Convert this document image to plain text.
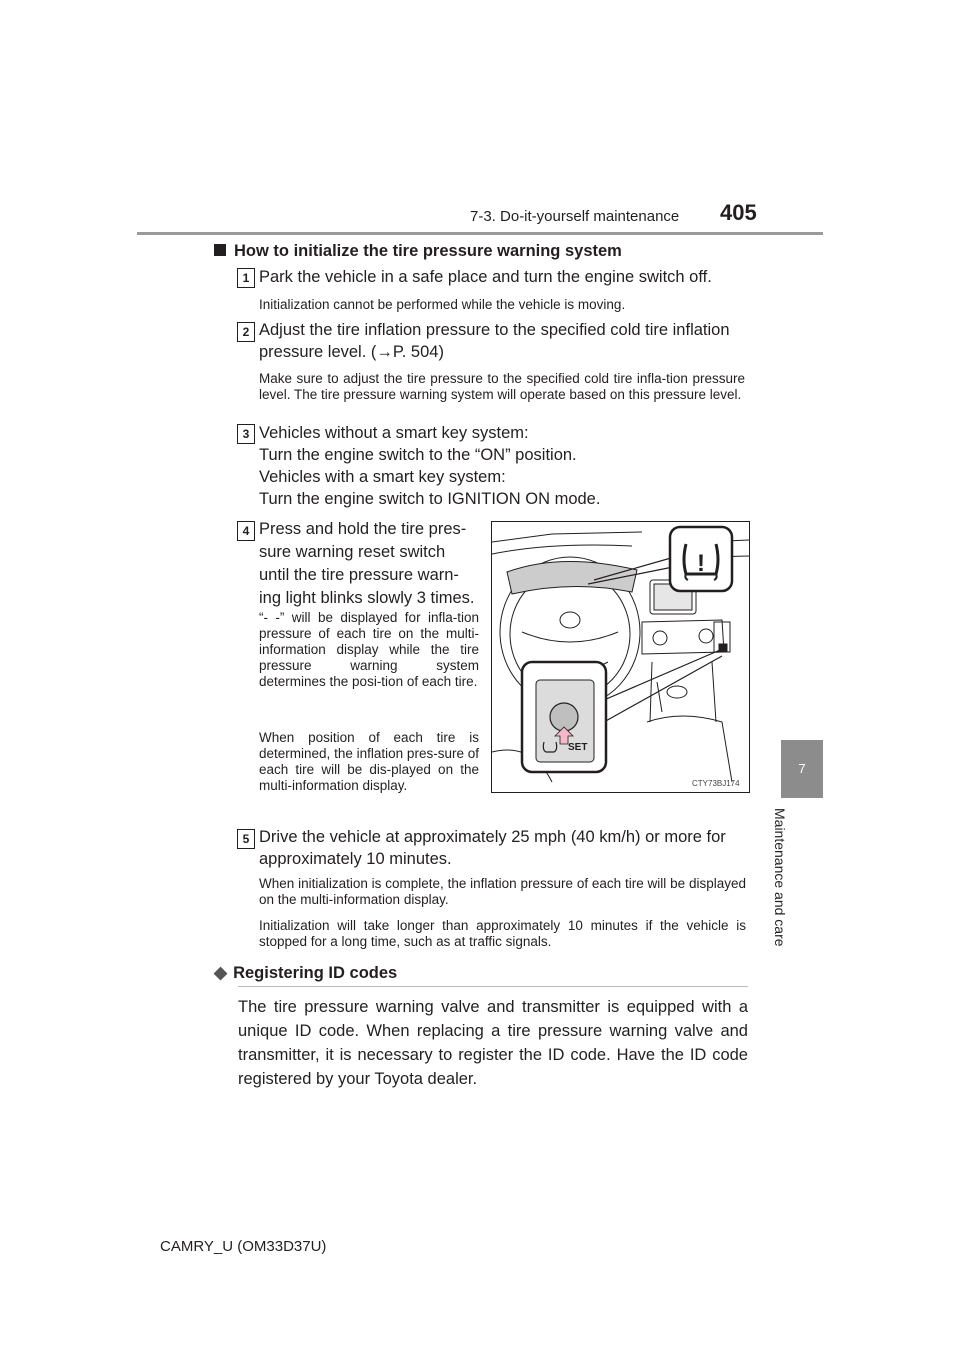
7-3. Do-it-yourself maintenance 405
7
Maintenance and care
How to initialize the tire pressure warning system
1 Park the vehicle in a safe place and turn the engine switch off.
Initialization cannot be performed while the vehicle is moving.
2 Adjust the tire inflation pressure to the specified cold tire inflation
pressure level. (→P. 504)
Make sure to adjust the tire pressure to the specified cold tire infla-tion pressure level. The tire pressure warning system will operate based on this pressure level.
3 Vehicles without a smart key system:
Turn the engine switch to the “ON” position.
Vehicles with a smart key system:
Turn the engine switch to IGNITION ON mode.
4 Press and hold the tire pres-
sure warning reset switch
until the tire pressure warn-
ing light blinks slowly 3 times.
“- -” will be displayed for infla-tion pressure of each tire on the multi-information display while the tire pressure warning system determines the posi-tion of each tire.
When position of each tire is determined, the inflation pres-sure of each tire will be dis-played on the multi-information display.
!
SET
CTY73BJ174
5 Drive the vehicle at approximately 25 mph (40 km/h) or more for
approximately 10 minutes.
When initialization is complete, the inflation pressure of each tire will be displayed on the multi-information display.
Initialization will take longer than approximately 10 minutes if the vehicle is stopped for a long time, such as at traffic signals.
◆ Registering ID codes
The tire pressure warning valve and transmitter is equipped with a unique ID code. When replacing a tire pressure warning valve and transmitter, it is necessary to register the ID code. Have the ID code registered by your Toyota dealer.
CAMRY_U (OM33D37U)
